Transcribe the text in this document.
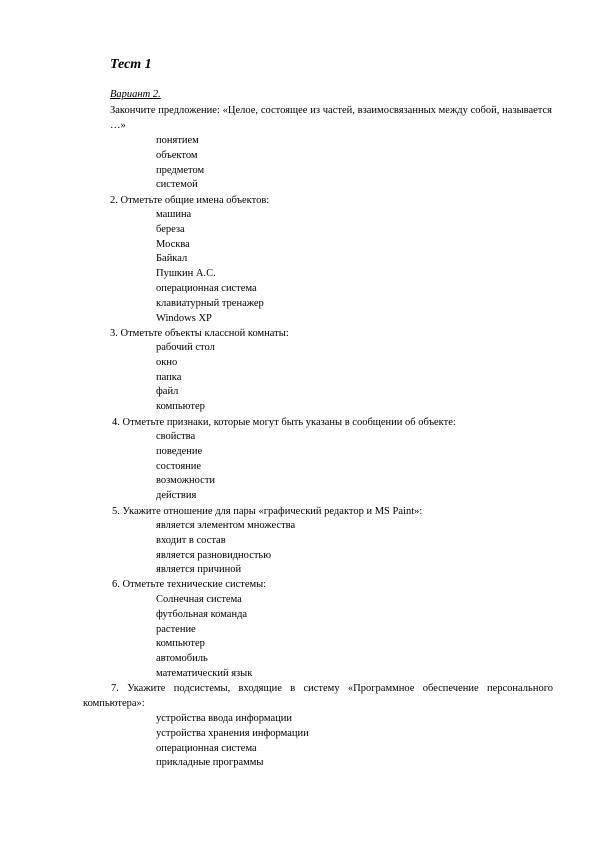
Тест 1
Вариант 2.
Закончите предложение: «Целое, состоящее из частей, взаимосвязанных между собой, называется …»
2. Отметьте общие имена объектов:
3. Отметьте объекты классной комнаты:
4. Отметьте признаки, которые могут быть указаны в сообщении об объекте:
5. Укажите отношение для пары «графический редактор и MS Paint»:
6. Отметьте технические системы:
7. Укажите подсистемы, входящие в систему «Программное обеспечение персонального компьютера»:
понятием
объектом
предметом
системой
машина
береза
Москва
Байкал
Пушкин А.С.
операционная система
клавиатурный тренажер
Windows XP
рабочий стол
окно
папка
файл
компьютер
свойства
поведение
состояние
возможности
действия
является элементом множества
входит в состав
является разновидностью
является причиной
Солнечная система
футбольная команда
растение
компьютер
автомобиль
математический язык
устройства ввода информации
устройства хранения информации
операционная система
прикладные программы
